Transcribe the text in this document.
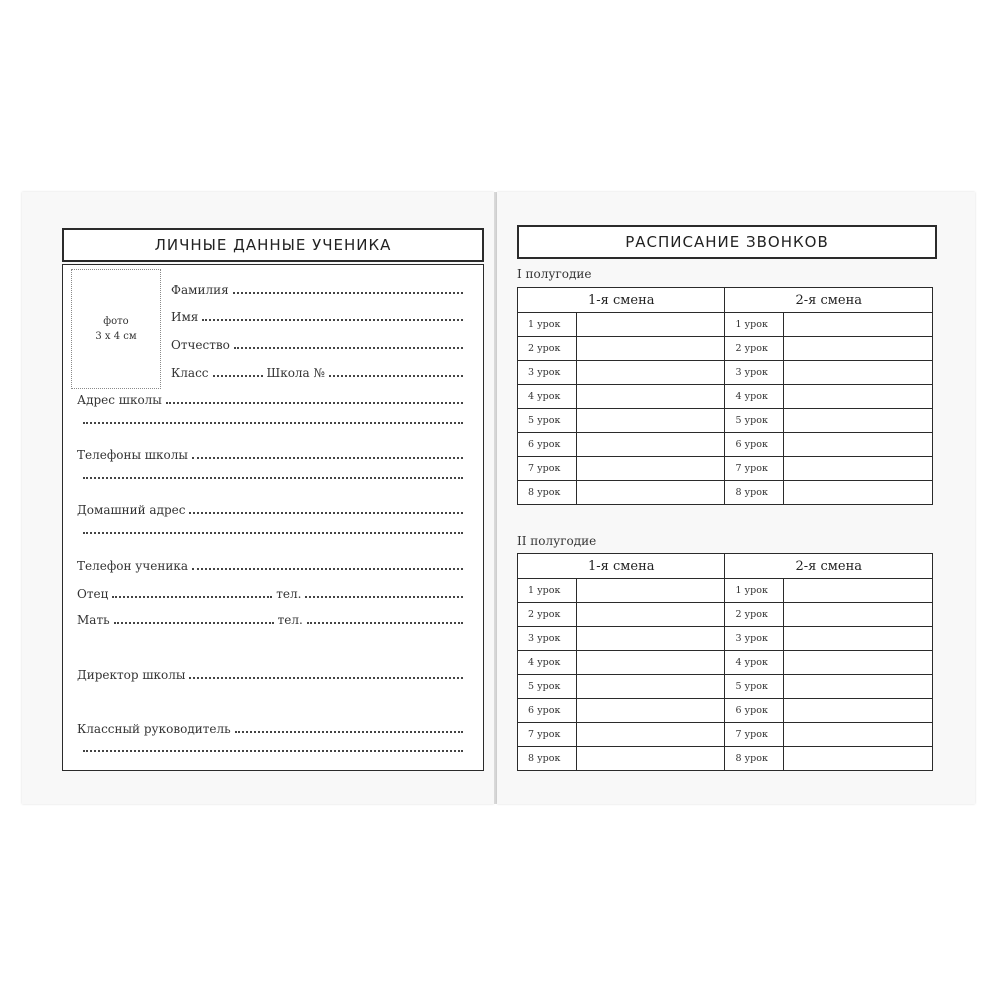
ЛИЧНЫЕ ДАННЫЕ УЧЕНИКА
фото
3 х 4 см
Фамилия
Имя
Отчество
Класс	Школа №
Адрес школы
Телефоны школы
Домашний адрес
Телефон ученика
Отец	тел.
Мать	тел.
Директор школы
Классный руководитель
РАСПИСАНИЕ ЗВОНКОВ
I полугодие
1-я смена		2-я смена	
1 урок		1 урок	
2 урок		2 урок	
3 урок		3 урок	
4 урок		4 урок	
5 урок		5 урок	
6 урок		6 урок	
7 урок		7 урок	
8 урок		8 урок	
II полугодие
1-я смена		2-я смена	
1 урок		1 урок	
2 урок		2 урок	
3 урок		3 урок	
4 урок		4 урок	
5 урок		5 урок	
6 урок		6 урок	
7 урок		7 урок	
8 урок		8 урок	
